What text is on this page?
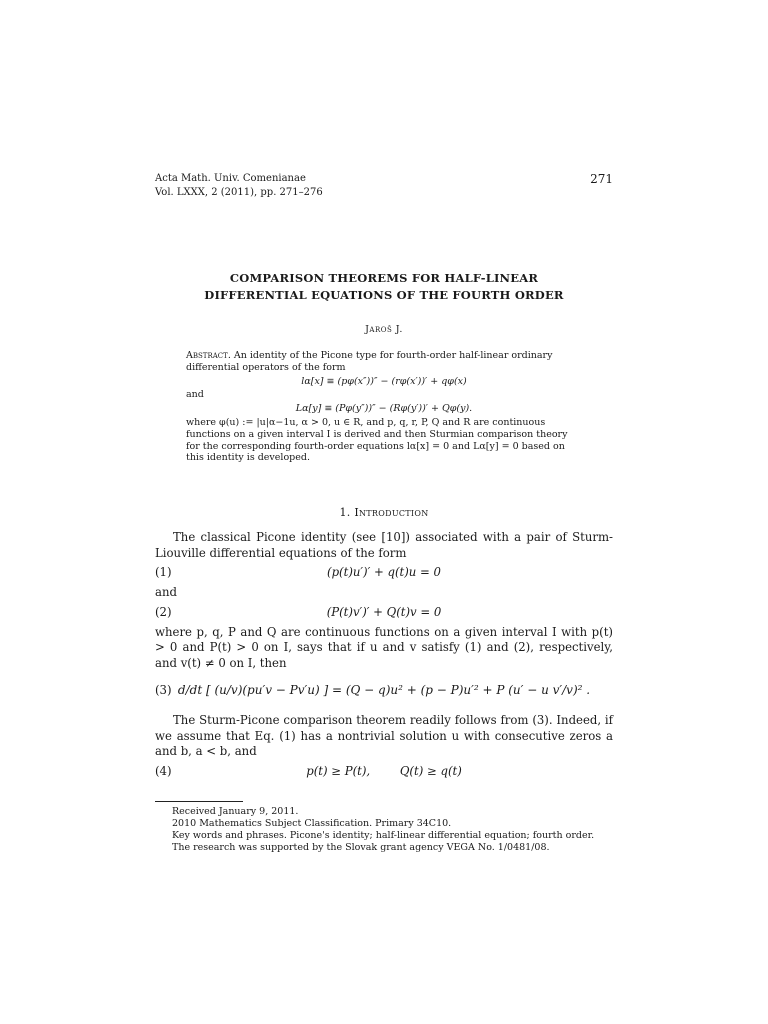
Acta Math. Univ. Comenianae
Vol. LXXX, 2 (2011), pp. 271–276
271
COMPARISON THEOREMS FOR HALF-LINEAR
DIFFERENTIAL EQUATIONS OF THE FOURTH ORDER
Jaroš J.

Abstract. An identity of the Picone type for fourth-order half-linear ordinary differential operators of the form

lα[x] ≡ (pφ(x″))″ − (rφ(x′))′ + qφ(x)

and

Lα[y] ≡ (Pφ(y″))″ − (Rφ(y′))′ + Qφ(y).

where φ(u) := |u|α−1u, α > 0, u ∈ R, and p, q, r, P, Q and R are continuous functions on a given interval I is derived and then Sturmian comparison theory for the corresponding fourth-order equations lα[x] = 0 and Lα[y] = 0 based on this identity is developed.

1. Introduction

The classical Picone identity (see [10]) associated with a pair of Sturm-Liouville differential equations of the form

(1)	(p(t)u′)′ + q(t)u = 0

and

(2)	(P(t)v′)′ + Q(t)v = 0

where p, q, P and Q are continuous functions on a given interval I with p(t) > 0 and P(t) > 0 on I, says that if u and v satisfy (1) and (2), respectively, and v(t) ≠ 0 on I, then

(3) d/dt [ (u/v)(pu′v − Pv′u) ] = (Q − q)u² + (p − P)u′² + P (u′ − u v′/v)² .

The Sturm-Picone comparison theorem readily follows from (3). Indeed, if we assume that Eq. (1) has a nontrivial solution u with consecutive zeros a and b, a < b, and

(4)	p(t) ≥ P(t),        Q(t) ≥ q(t)
Received January 9, 2011.
2010 Mathematics Subject Classification. Primary 34C10.
Key words and phrases. Picone's identity; half-linear differential equation; fourth order.
The research was supported by the Slovak grant agency VEGA No. 1/0481/08.
